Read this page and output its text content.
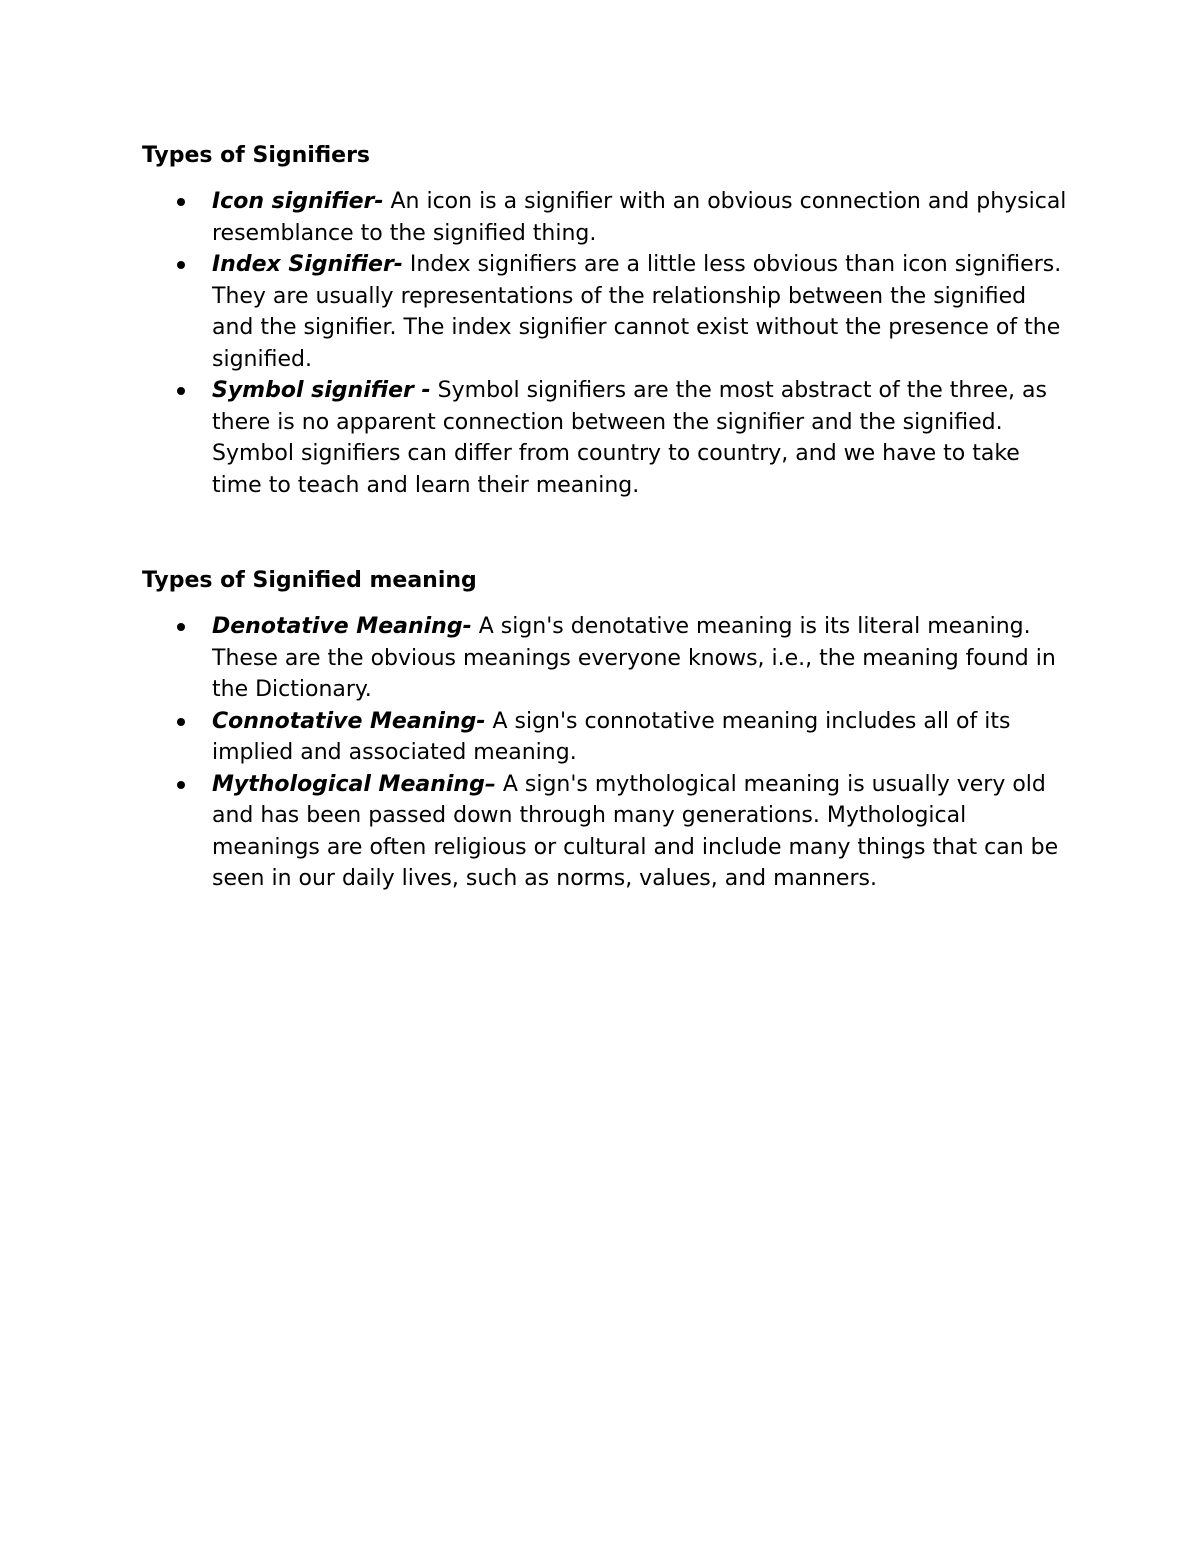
Types of Signifiers
Icon signifier- An icon is a signifier with an obvious connection and physical resemblance to the signified thing.
Index Signifier- Index signifiers are a little less obvious than icon signifiers. They are usually representations of the relationship between the signified and the signifier. The index signifier cannot exist without the presence of the signified.
Symbol signifier - Symbol signifiers are the most abstract of the three, as there is no apparent connection between the signifier and the signified. Symbol signifiers can differ from country to country, and we have to take time to teach and learn their meaning.
Types of Signified meaning
Denotative Meaning- A sign's denotative meaning is its literal meaning. These are the obvious meanings everyone knows, i.e., the meaning found in the Dictionary.
Connotative Meaning- A sign's connotative meaning includes all of its implied and associated meaning.
Mythological Meaning– A sign's mythological meaning is usually very old and has been passed down through many generations. Mythological meanings are often religious or cultural and include many things that can be seen in our daily lives, such as norms, values, and manners.
